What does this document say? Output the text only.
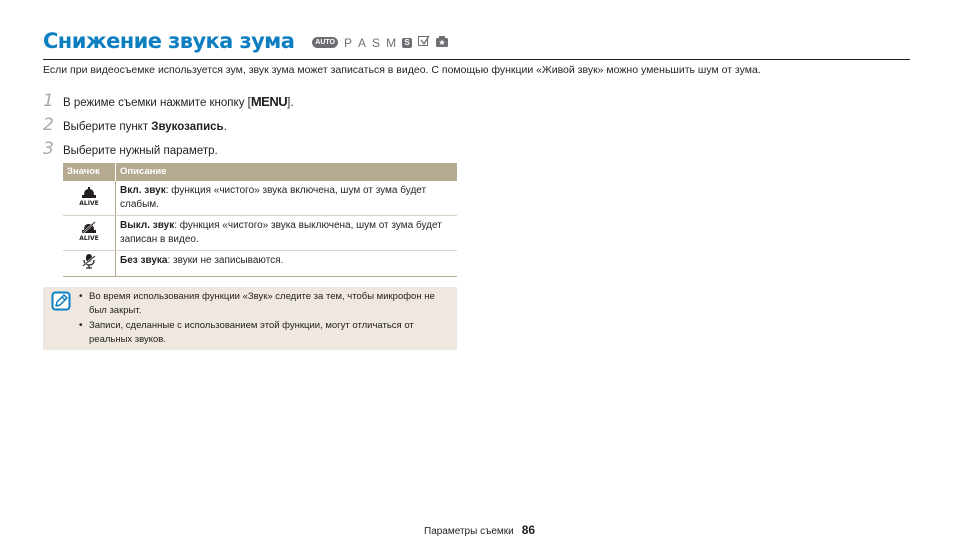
Снижение звука зума	AUTO P A S M S
Если при видеосъемке используется зум, звук зума может записаться в видео. С помощью функции «Живой звук» можно уменьшить шум от зума.
1 В режиме съемки нажмите кнопку [MENU].
2 Выберите пункт Звукозапись.
3 Выберите нужный параметр.
Значок	Описание

ALIVE	Вкл. звук: функция «чистого» звука включена, шум от зума будет слабым.

ALIVE	Выкл. звук: функция «чистого» звука выключена, шум от зума будет записан в видео.
	Без звука: звуки не записываются.
• Во время использования функции «Звук» следите за тем, чтобы микрофон не был закрыт.
• Записи, сделанные с использованием этой функции, могут отличаться от реальных звуков.
Параметры съемки 86
